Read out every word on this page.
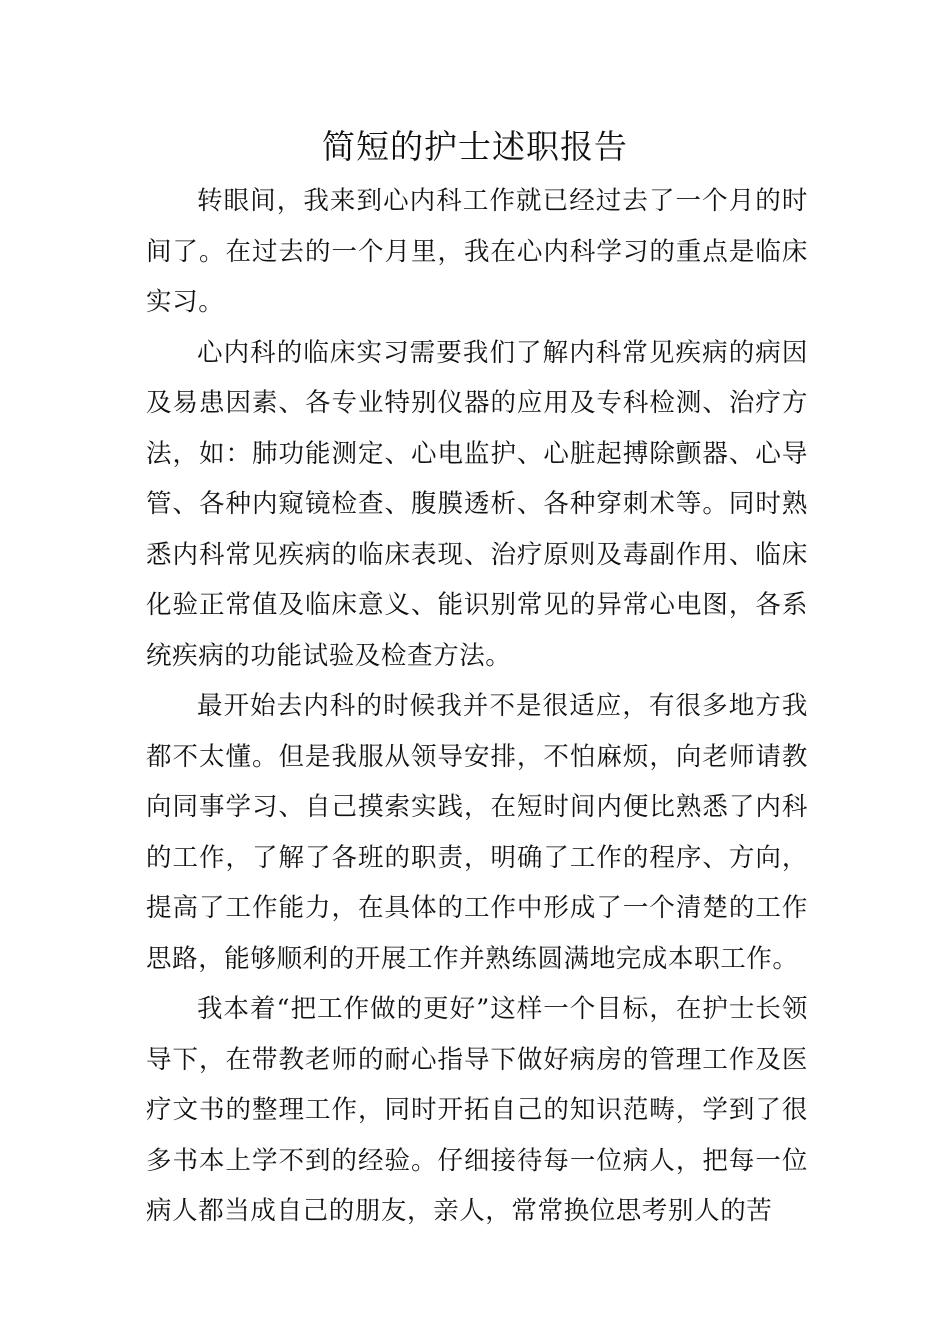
简短的护士述职报告

转眼间，我来到心内科工作就已经过去了一个月的时间了。在过去的一个月里，我在心内科学习的重点是临床实习。

心内科的临床实习需要我们了解内科常见疾病的病因及易患因素、各专业特别仪器的应用及专科检测、治疗方法，如：肺功能测定、心电监护、心脏起搏除颤器、心导管、各种内窥镜检查、腹膜透析、各种穿刺术等。同时熟悉内科常见疾病的临床表现、治疗原则及毒副作用、临床化验正常值及临床意义、能识别常见的异常心电图，各系统疾病的功能试验及检查方法。

最开始去内科的时候我并不是很适应，有很多地方我都不太懂。但是我服从领导安排，不怕麻烦，向老师请教向同事学习、自己摸索实践，在短时间内便比熟悉了内科的工作，了解了各班的职责，明确了工作的程序、方向，提高了工作能力，在具体的工作中形成了一个清楚的工作思路，能够顺利的开展工作并熟练圆满地完成本职工作。

我本着“把工作做的更好”这样一个目标，在护士长领导下，在带教老师的耐心指导下做好病房的管理工作及医疗文书的整理工作，同时开拓自己的知识范畴，学到了很多书本上学不到的经验。仔细接待每一位病人，把每一位病人都当成自己的朋友，亲人，常常换位思考别人的苦
